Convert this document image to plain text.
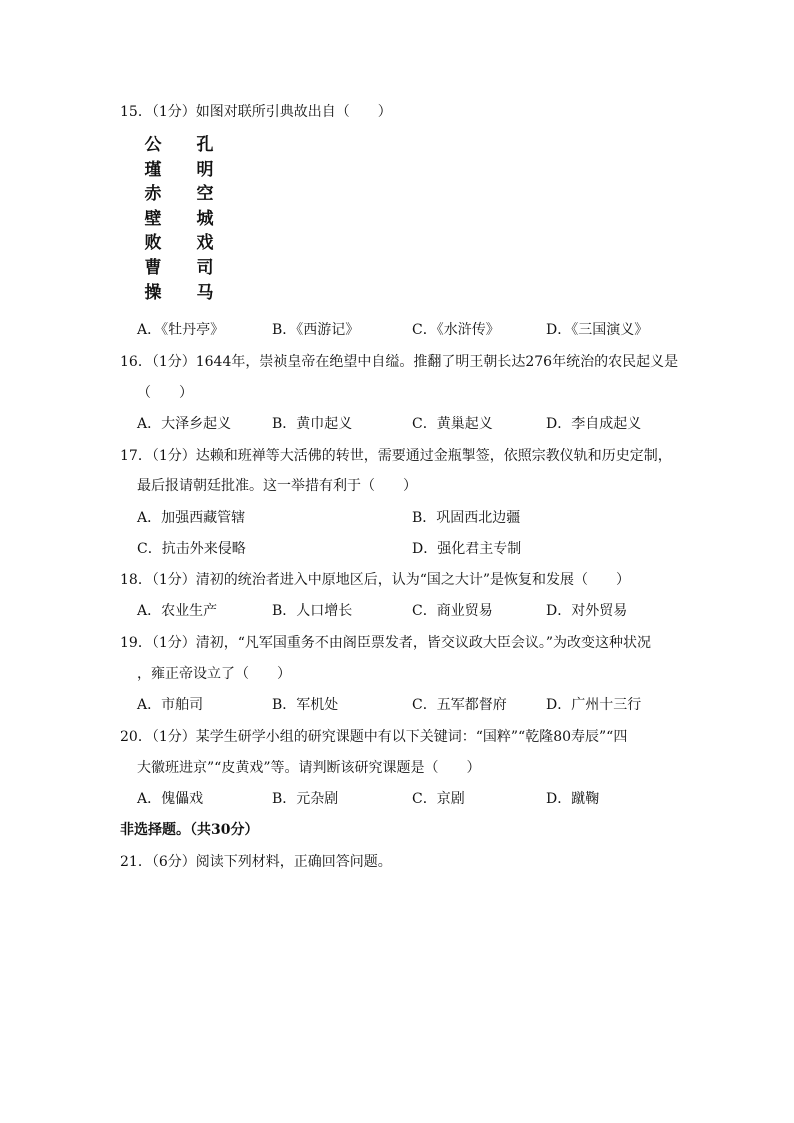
15．（1分）如图对联所引典故出自（　　）
公
瑾
赤
壁
败
曹
操
孔
明
空
城
戏
司
马
A．《牡丹亭》	B．《西游记》	C．《水浒传》	D．《三国演义》
16．（1分）1644年，崇祯皇帝在绝望中自缢。推翻了明王朝长达276年统治的农民起义是
（　　）
A．大泽乡起义	B．黄巾起义	C．黄巢起义	D．李自成起义
17．（1分）达赖和班禅等大活佛的转世，需要通过金瓶掣签，依照宗教仪轨和历史定制，
最后报请朝廷批准。这一举措有利于（　　）
A．加强西藏管辖	B．巩固西北边疆
C．抗击外来侵略	D．强化君主专制
18．（1分）清初的统治者进入中原地区后，认为“国之大计”是恢复和发展（　　）
A．农业生产	B．人口增长	C．商业贸易	D．对外贸易
19．（1分）清初，“凡军国重务不由阁臣票发者，皆交议政大臣会议。”为改变这种状况
，雍正帝设立了（　　）
A．市舶司	B．军机处	C．五军都督府	D．广州十三行
20．（1分）某学生研学小组的研究课题中有以下关键词：“国粹”“乾隆80寿辰”“四
大徽班进京”“皮黄戏”等。请判断该研究课题是（　　）
A．傀儡戏	B．元杂剧	C．京剧	D．蹴鞠
非选择题。（共30分）
21．（6分）阅读下列材料，正确回答问题。
